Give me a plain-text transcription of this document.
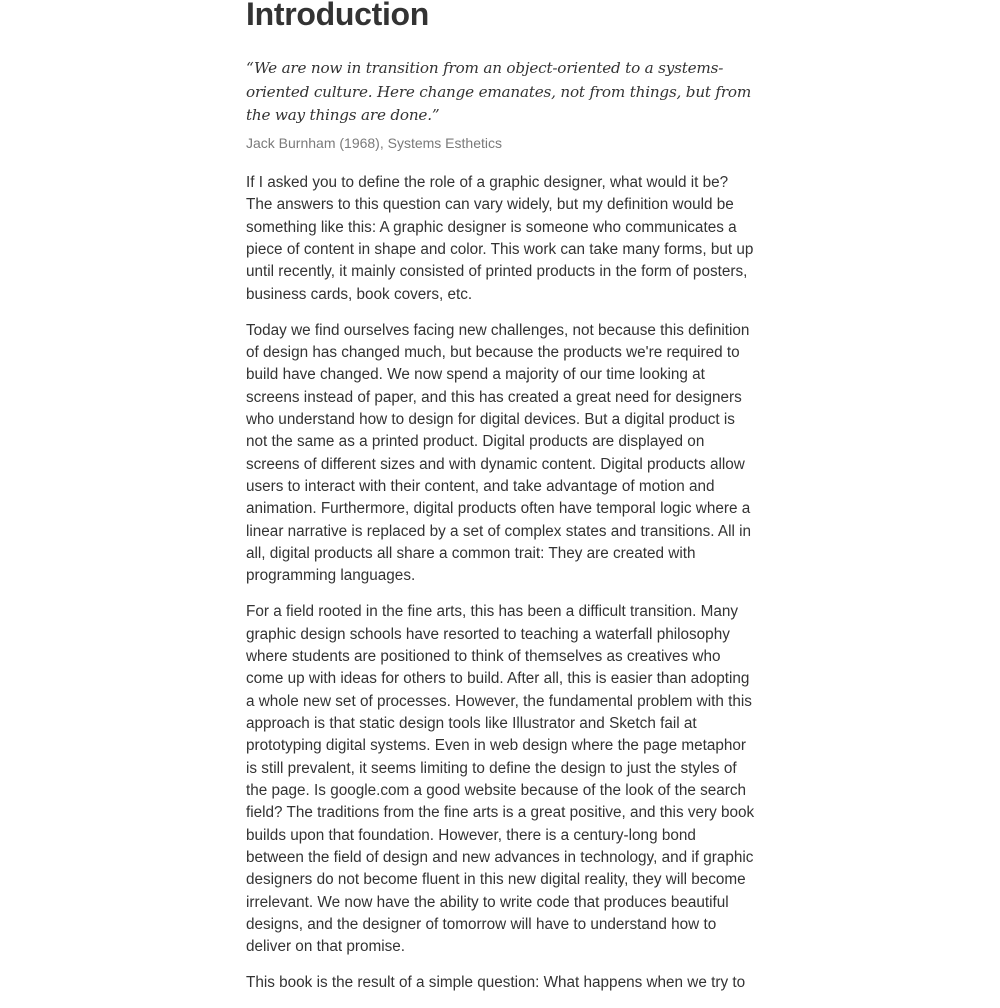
Introduction

“We are now in transition from an object-oriented to a systems-oriented culture. Here change emanates, not from things, but from the way things are done.”

Jack Burnham (1968), Systems Esthetics

If I asked you to define the role of a graphic designer, what would it be? The answers to this question can vary widely, but my definition would be something like this: A graphic designer is someone who communicates a piece of content in shape and color. This work can take many forms, but up until recently, it mainly consisted of printed products in the form of posters, business cards, book covers, etc.

Today we find ourselves facing new challenges, not because this definition of design has changed much, but because the products we're required to build have changed. We now spend a majority of our time looking at screens instead of paper, and this has created a great need for designers who understand how to design for digital devices. But a digital product is not the same as a printed product. Digital products are displayed on screens of different sizes and with dynamic content. Digital products allow users to interact with their content, and take advantage of motion and animation. Furthermore, digital products often have temporal logic where a linear narrative is replaced by a set of complex states and transitions. All in all, digital products all share a common trait: They are created with programming languages.

For a field rooted in the fine arts, this has been a difficult transition. Many graphic design schools have resorted to teaching a waterfall philosophy where students are positioned to think of themselves as creatives who come up with ideas for others to build. After all, this is easier than adopting a whole new set of processes. However, the fundamental problem with this approach is that static design tools like Illustrator and Sketch fail at prototyping digital systems. Even in web design where the page metaphor is still prevalent, it seems limiting to define the design to just the styles of the page. Is google.com a good website because of the look of the search field? The traditions from the fine arts is a great positive, and this very book builds upon that foundation. However, there is a century-long bond between the field of design and new advances in technology, and if graphic designers do not become fluent in this new digital reality, they will become irrelevant. We now have the ability to write code that produces beautiful designs, and the designer of tomorrow will have to understand how to deliver on that promise.

This book is the result of a simple question: What happens when we try to
